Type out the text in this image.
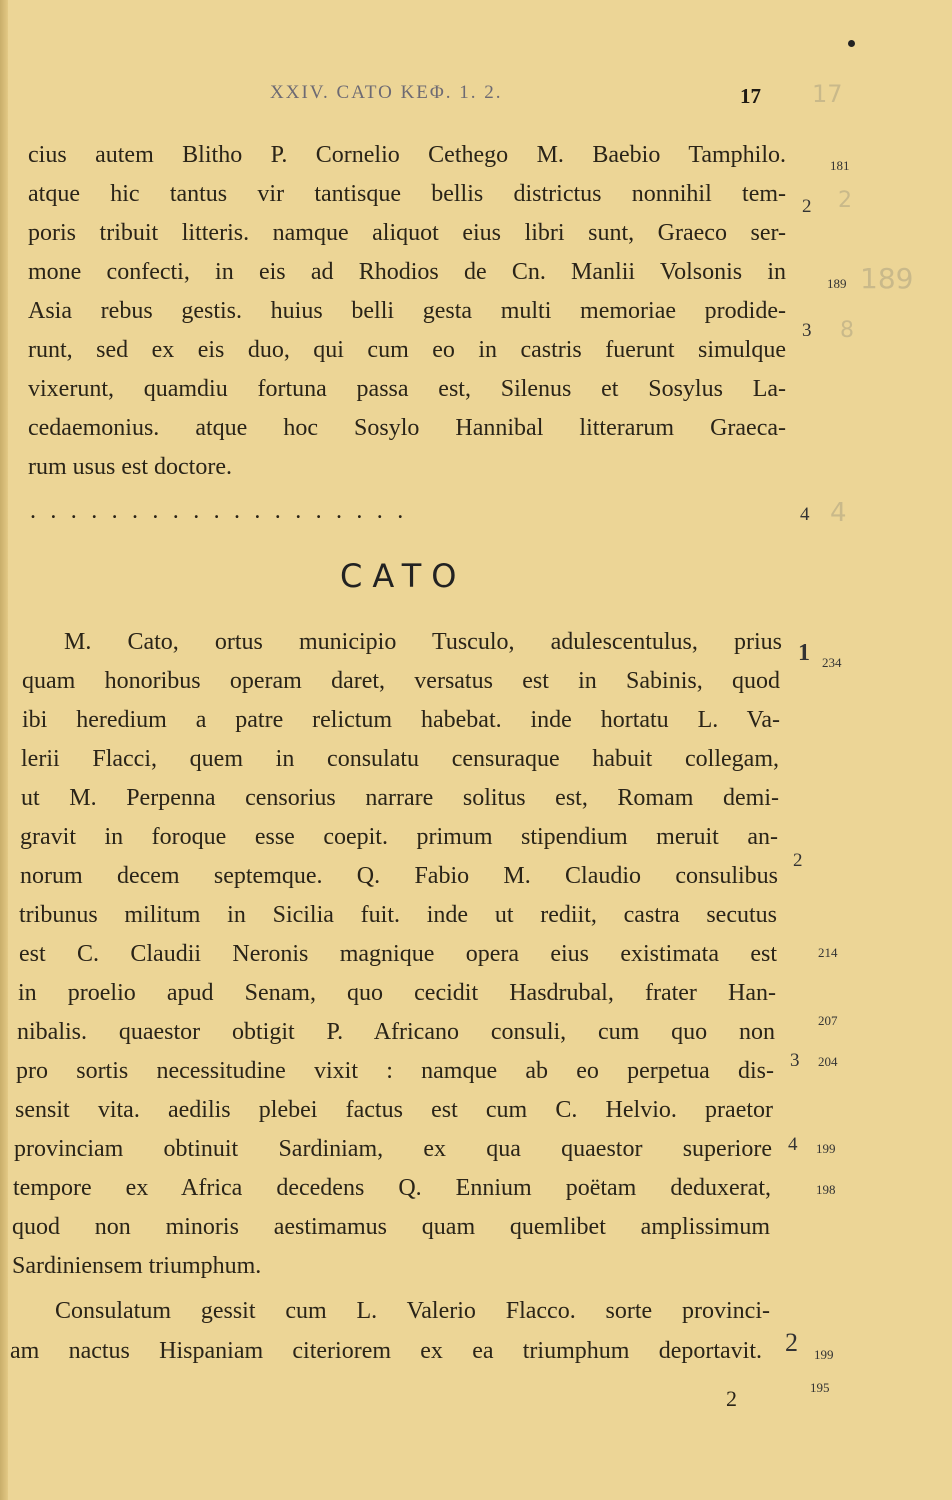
XXIV. CATO ΚΕΦ. 1. 2.	17 17
cius autem Blitho P. Cornelio Cethego M. Baebio Tamphilo.
atque hic tantus vir tantisque bellis districtus nonnihil tem-
poris tribuit litteris. namque aliquot eius libri sunt, Graeco ser-
mone confecti, in eis ad Rhodios de Cn. Manlii Volsonis in
Asia rebus gestis. huius belli gesta multi memoriae prodide-
runt, sed ex eis duo, qui cum eo in castris fuerunt simulque
vixerunt, quamdiu fortuna passa est, Silenus et Sosylus La-
cedaemonius. atque hoc Sosylo Hannibal litterarum Graeca-
rum usus est doctore.
...................
181
2
189
3
4
2
189
8
4
CATO
M. Cato, ortus municipio Tusculo, adulescentulus, prius
quam honoribus operam daret, versatus est in Sabinis, quod
ibi heredium a patre relictum habebat. inde hortatu L. Va-
lerii Flacci, quem in consulatu censuraque habuit collegam,
ut M. Perpenna censorius narrare solitus est, Romam demi-
gravit in foroque esse coepit. primum stipendium meruit an-
norum decem septemque. Q. Fabio M. Claudio consulibus
tribunus militum in Sicilia fuit. inde ut rediit, castra secutus
est C. Claudii Neronis magnique opera eius existimata est
in proelio apud Senam, quo cecidit Hasdrubal, frater Han-
nibalis. quaestor obtigit P. Africano consuli, cum quo non
pro sortis necessitudine vixit : namque ab eo perpetua dis-
sensit vita. aedilis plebei factus est cum C. Helvio. praetor
provinciam obtinuit Sardiniam, ex qua quaestor superiore
tempore ex Africa decedens Q. Ennium poëtam deduxerat,
quod non minoris aestimamus quam quemlibet amplissimum
Sardiniensem triumphum.
Consulatum gessit cum L. Valerio Flacco. sorte provinci-
am nactus Hispaniam citeriorem ex ea triumphum deportavit.
1 234
2
214
207
3 204
4 199
198
2 199
195
2
